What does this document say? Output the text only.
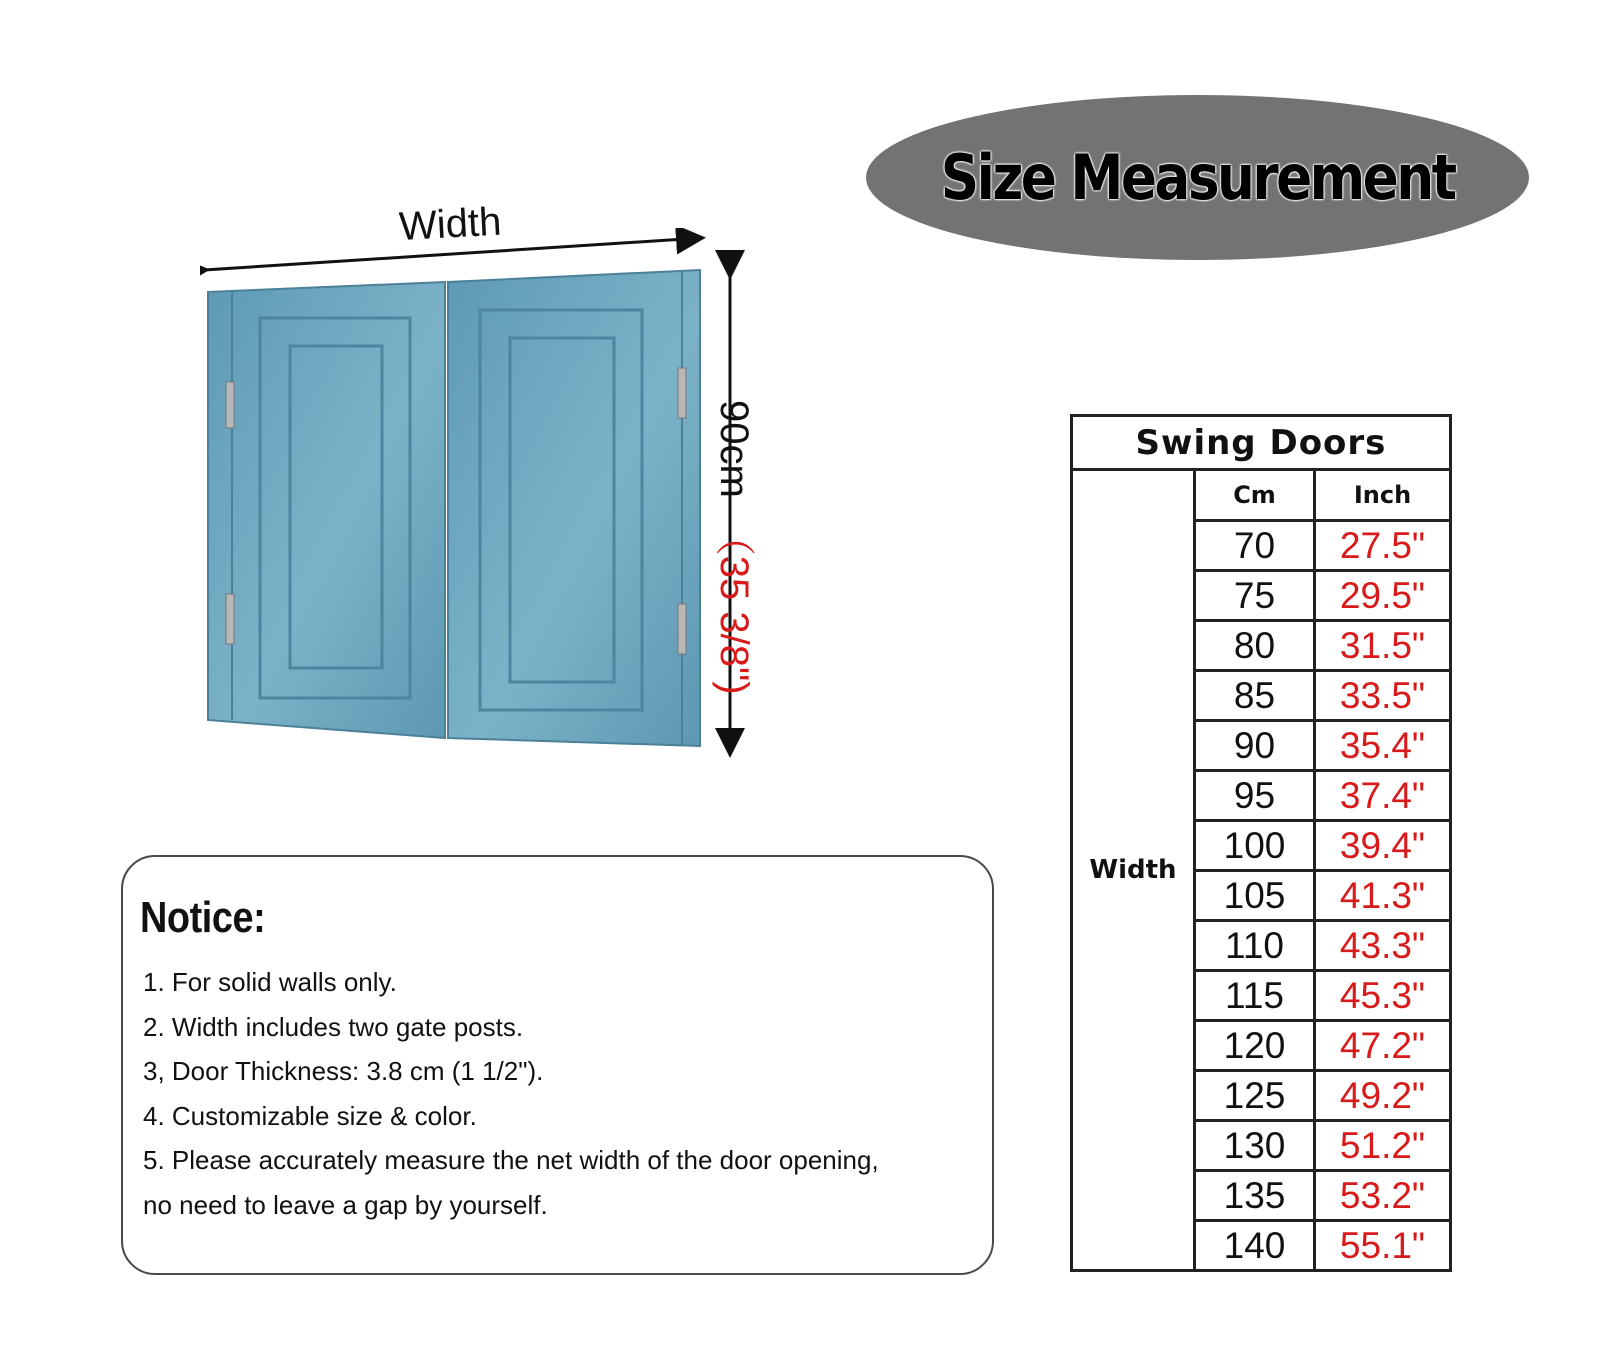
Size Measurement
Width
90cm（35 3/8")
Notice:
1. For solid walls only.
2. Width includes two gate posts.
3, Door Thickness: 3.8 cm (1 1/2").
4. Customizable size & color.
5. Please accurately measure the net width of the door opening,
no need to leave a gap by yourself.
Swing Doors		
Width	Cm	Inch
	70	27.5"
	75	29.5"
	80	31.5"
	85	33.5"
	90	35.4"
	95	37.4"
	100	39.4"
	105	41.3"
	110	43.3"
	115	45.3"
	120	47.2"
	125	49.2"
	130	51.2"
	135	53.2"
	140	55.1"
